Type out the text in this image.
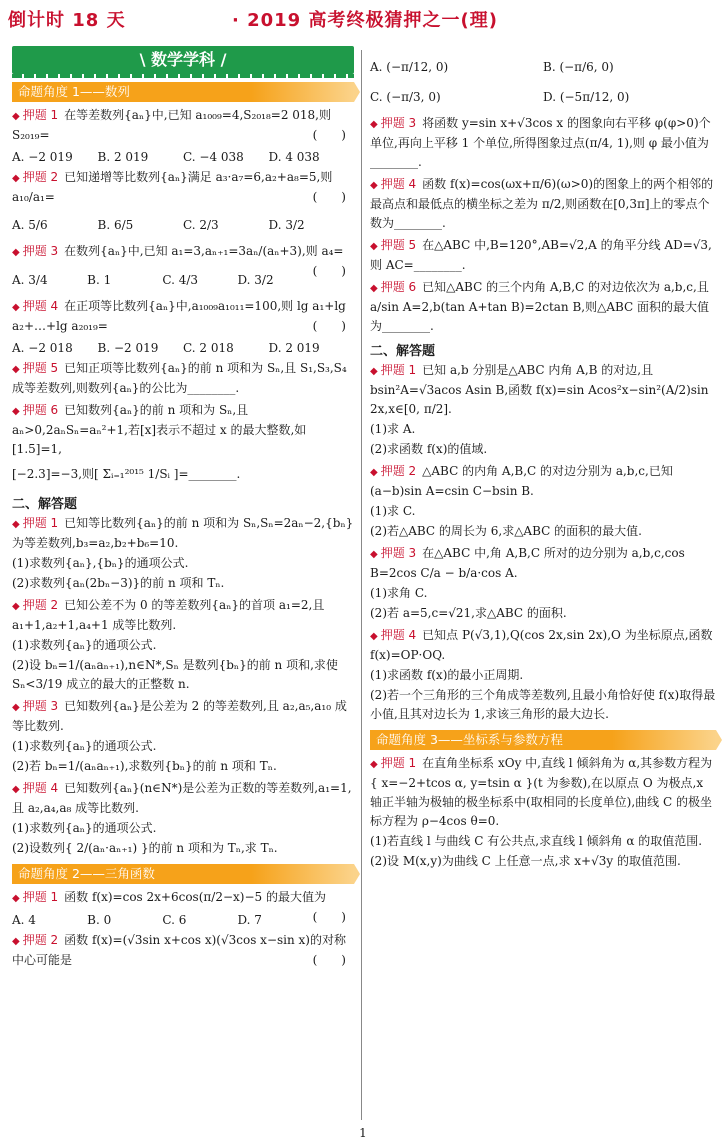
倒计时 18 天	· 2019 高考终极猜押之一(理)
\ 数学学科 /
命题角度 1——数列
◆ 押题 1 在等差数列{aₙ}中,已知 a₁₀₀₉=4,S₂₀₁₈=2 018,则 S₂₀₁₉=	(　　)
A. −2 019	B. 2 019	C. −4 038	D. 4 038
◆ 押题 2 已知递增等比数列{aₙ}满足 a₃·a₇=6,a₂+a₈=5,则 a₁₀/a₁=	(　　)
A. 5/6	B. 6/5	C. 2/3	D. 3/2
◆ 押题 3 在数列{aₙ}中,已知 a₁=3,aₙ₊₁=3aₙ/(aₙ+3),则 a₄=
(　　)
A. 3/4	B. 1	C. 4/3	D. 3/2
◆ 押题 4 在正项等比数列{aₙ}中,a₁₀₀₉a₁₀₁₁=100,则 lg a₁+lg a₂+…+lg a₂₀₁₉=	(　　)
A. −2 018	B. −2 019	C. 2 018	D. 2 019
◆ 押题 5 已知正项等比数列{aₙ}的前 n 项和为 Sₙ,且 S₁,S₃,S₄ 成等差数列,则数列{aₙ}的公比为________.
◆ 押题 6 已知数列{aₙ}的前 n 项和为 Sₙ,且 aₙ>0,2aₙSₙ=aₙ²+1,若[x]表示不超过 x 的最大整数,如[1.5]=1,
[−2.3]=−3,则[ Σᵢ₌₁²⁰¹⁵ 1/Sᵢ ]=________.
二、解答题
◆ 押题 1 已知等比数列{aₙ}的前 n 项和为 Sₙ,Sₙ=2aₙ−2,{bₙ}为等差数列,b₃=a₂,b₂+b₆=10.
(1)求数列{aₙ},{bₙ}的通项公式.
(2)求数列{aₙ(2bₙ−3)}的前 n 项和 Tₙ.
◆ 押题 2 已知公差不为 0 的等差数列{aₙ}的首项 a₁=2,且 a₁+1,a₂+1,a₄+1 成等比数列.
(1)求数列{aₙ}的通项公式.
(2)设 bₙ=1/(aₙaₙ₊₁),n∈N*,Sₙ 是数列{bₙ}的前 n 项和,求使 Sₙ<3/19 成立的最大的正整数 n.
◆ 押题 3 已知数列{aₙ}是公差为 2 的等差数列,且 a₂,a₅,a₁₀ 成等比数列.
(1)求数列{aₙ}的通项公式.
(2)若 bₙ=1/(aₙaₙ₊₁),求数列{bₙ}的前 n 项和 Tₙ.
◆ 押题 4 已知数列{aₙ}(n∈N*)是公差为正数的等差数列,a₁=1,且 a₂,a₄,a₈ 成等比数列.
(1)求数列{aₙ}的通项公式.
(2)设数列{ 2/(aₙ·aₙ₊₁) }的前 n 项和为 Tₙ,求 Tₙ.
命题角度 2——三角函数
◆ 押题 1 函数 f(x)=cos 2x+6cos(π/2−x)−5 的最大值为
(　　)
A. 4	B. 0	C. 6	D. 7
◆ 押题 2 函数 f(x)=(√3sin x+cos x)(√3cos x−sin x)的对称中心可能是	(　　)
A. (−π/12, 0)	B. (−π/6, 0)
C. (−π/3, 0)	D. (−5π/12, 0)
◆ 押题 3 将函数 y=sin x+√3cos x 的图象向右平移 φ(φ>0)个单位,再向上平移 1 个单位,所得图象过点(π/4, 1),则 φ 最小值为________.
◆ 押题 4 函数 f(x)=cos(ωx+π/6)(ω>0)的图象上的两个相邻的最高点和最低点的横坐标之差为 π/2,则函数在[0,3π]上的零点个数为________.
◆ 押题 5 在△ABC 中,B=120°,AB=√2,A 的角平分线 AD=√3,则 AC=________.
◆ 押题 6 已知△ABC 的三个内角 A,B,C 的对边依次为 a,b,c,且 a/sin A=2,b(tan A+tan B)=2ctan B,则△ABC 面积的最大值为________.
二、解答题
◆ 押题 1 已知 a,b 分别是△ABC 内角 A,B 的对边,且 bsin²A=√3acos Asin B,函数 f(x)=sin Acos²x−sin²(A/2)sin 2x,x∈[0, π/2].
(1)求 A.
(2)求函数 f(x)的值域.
◆ 押题 2 △ABC 的内角 A,B,C 的对边分别为 a,b,c,已知(a−b)sin A=csin C−bsin B.
(1)求 C.
(2)若△ABC 的周长为 6,求△ABC 的面积的最大值.
◆ 押题 3 在△ABC 中,角 A,B,C 所对的边分别为 a,b,c,cos B=2cos C/a − b/a·cos A.
(1)求角 C.
(2)若 a=5,c=√21,求△ABC 的面积.
◆ 押题 4 已知点 P(√3,1),Q(cos 2x,sin 2x),O 为坐标原点,函数 f(x)=OP·OQ.
(1)求函数 f(x)的最小正周期.
(2)若一个三角形的三个角成等差数列,且最小角恰好使 f(x)取得最小值,且其对边长为 1,求该三角形的最大边长.
命题角度 3——坐标系与参数方程
◆ 押题 1 在直角坐标系 xOy 中,直线 l 倾斜角为 α,其参数方程为{ x=−2+tcos α, y=tsin α }(t 为参数),在以原点 O 为极点,x 轴正半轴为极轴的极坐标系中(取相同的长度单位),曲线 C 的极坐标方程为 ρ−4cos θ=0.
(1)若直线 l 与曲线 C 有公共点,求直线 l 倾斜角 α 的取值范围.
(2)设 M(x,y)为曲线 C 上任意一点,求 x+√3y 的取值范围.
1
